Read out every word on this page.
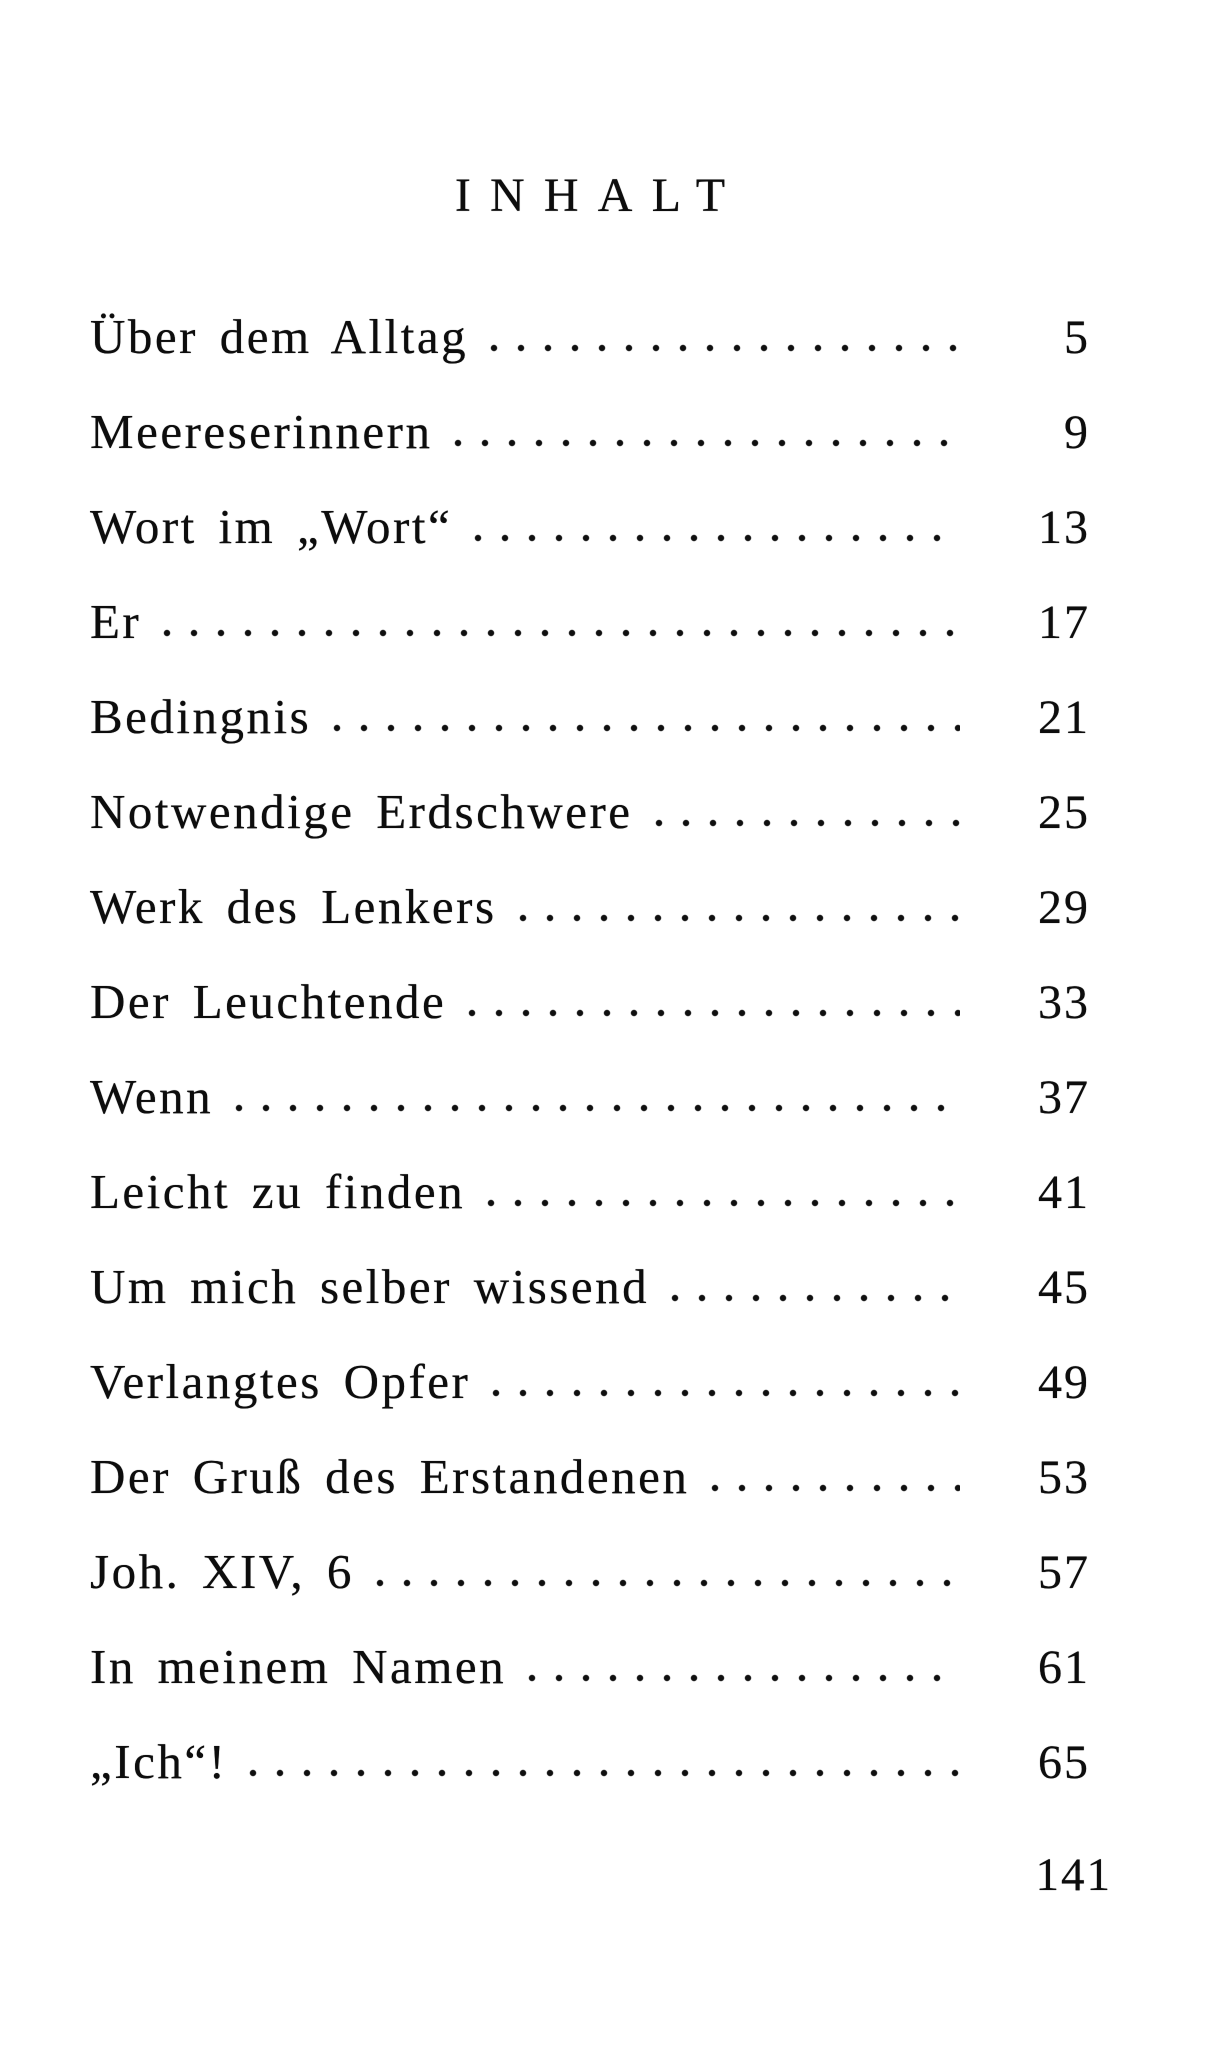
INHALT
Über dem Alltag	5
Meereserinnern	9
Wort im „Wort“	13
Er	17
Bedingnis	21
Notwendige Erdschwere	25
Werk des Lenkers	29
Der Leuchtende	33
Wenn	37
Leicht zu finden	41
Um mich selber wissend	45
Verlangtes Opfer	49
Der Gruß des Erstandenen	53
Joh. XIV, 6	57
In meinem Namen	61
„Ich“!	65
141
